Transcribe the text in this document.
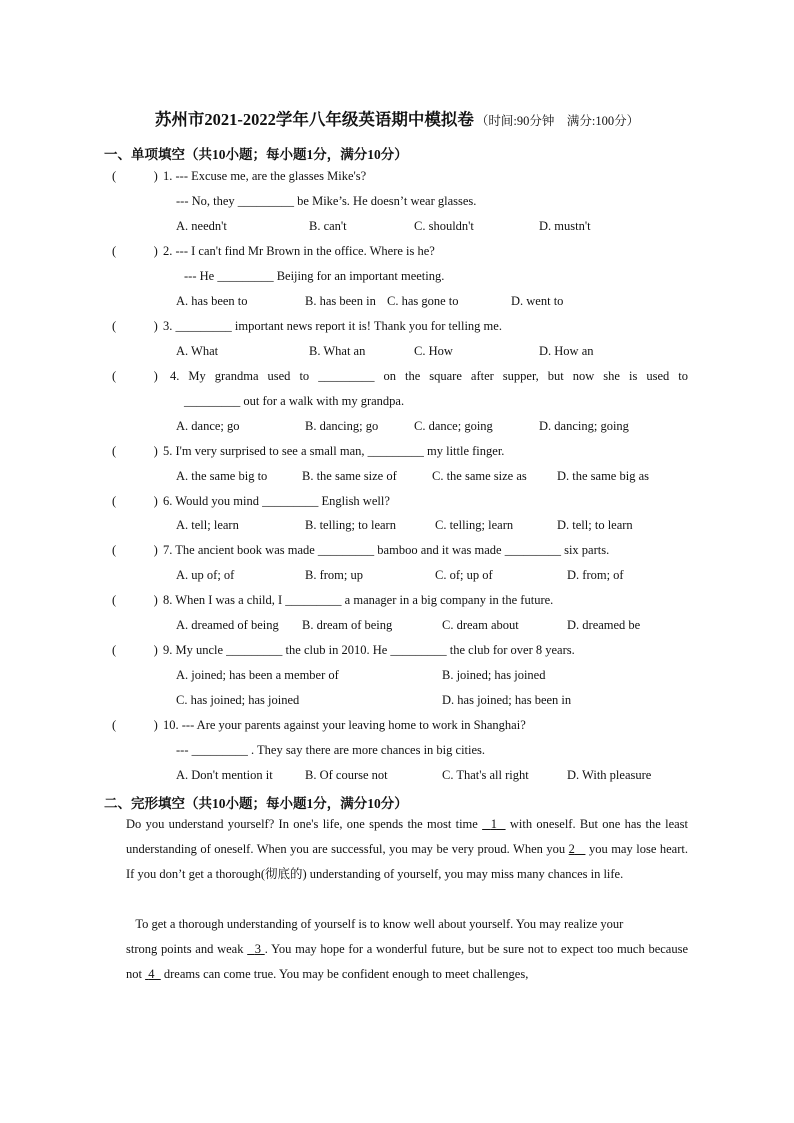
苏州市2021-2022学年八年级英语期中模拟卷 （时间:90分钟　满分:100分）
一、单项填空（共10小题；每小题1分，满分10分）
(　　　) 1. --- Excuse me, are the glasses Mike's?
--- No, they _________ be Mike’s. He doesn’t wear glasses.
A. needn't	B. can't	C. shouldn't	D. mustn't
(　　　) 2. --- I can't find Mr Brown in the office. Where is he?
--- He _________ Beijing for an important meeting.
A. has been to	B. has been in C. has gone to	D. went to
(　　　) 3. _________ important news report it is! Thank you for telling me.
A. What	B. What an	C. How	D. How an
(　　　) 4. My grandma used to _________ on the square after supper, but now she is used to
_________ out for a walk with my grandpa.
A. dance; go	B. dancing; go	C. dance; going	D. dancing; going
(　　　) 5. I'm very surprised to see a small man, _________ my little finger.
A. the same big to	B. the same size of	C. the same size as D. the same big as
(　　　) 6. Would you mind _________ English well?
A. tell; learn	B. telling; to learn	C. telling; learn	D. tell; to learn
(　　　) 7. The ancient book was made _________ bamboo and it was made _________ six parts.
A. up of; of	B. from; up	C. of; up of	D. from; of
(　　　) 8. When I was a child, I _________ a manager in a big company in the future.
A. dreamed of being B. dream of being	C. dream about	D. dreamed be
(　　　) 9. My uncle _________ the club in 2010. He _________ the club for over 8 years.
A. joined; has been a member of	B. joined; has joined
C. has joined; has joined	D. has joined; has been in
(　　　) 10. --- Are your parents against your leaving home to work in Shanghai?
--- _________ . They say there are more chances in big cities.
A. Don't mention it	B. Of course not	C. That's all right	D. With pleasure
二、完形填空（共10小题；每小题1分，满分10分）

Do you understand yourself? In one's life, one spends the most time   1 with oneself. But one has the least understanding of oneself. When you are successful, you may be very proud. When you 2    you may lose heart. If you don’t get a thorough(彻底的) understanding of yourself, you may miss many chances in life.

To get a thorough understanding of yourself is to know well about yourself. You may realize your

strong points and weak   3 . You may hope for a wonderful future, but be sure not to expect too much because not  4   dreams can come true. You may be confident enough to meet challenges,
